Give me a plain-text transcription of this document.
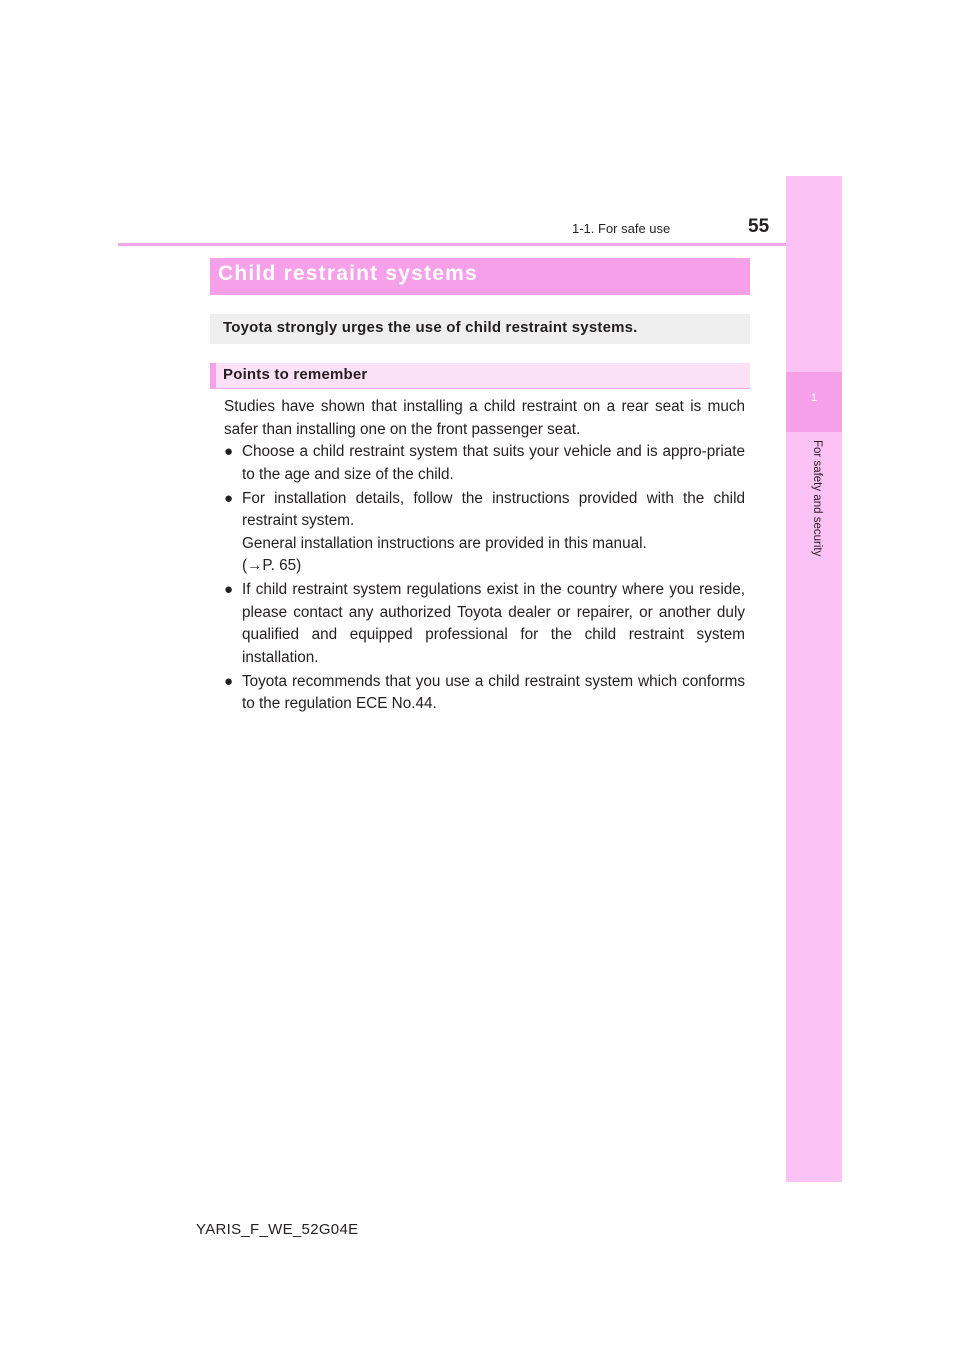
1
For safety and security
1-1. For safe use	55
Child restraint systems
Toyota strongly urges the use of child restraint systems.
Points to remember

Studies have shown that installing a child restraint on a rear seat is much safer than installing one on the front passenger seat.

● Choose a child restraint system that suits your vehicle and is appro-priate to the age and size of the child.
● For installation details, follow the instructions provided with the child restraint system.
General installation instructions are provided in this manual.
(→P. 65)
● If child restraint system regulations exist in the country where you reside, please contact any authorized Toyota dealer or repairer, or another duly qualified and equipped professional for the child restraint system installation.
● Toyota recommends that you use a child restraint system which conforms to the regulation ECE No.44.
YARIS_F_WE_52G04E
